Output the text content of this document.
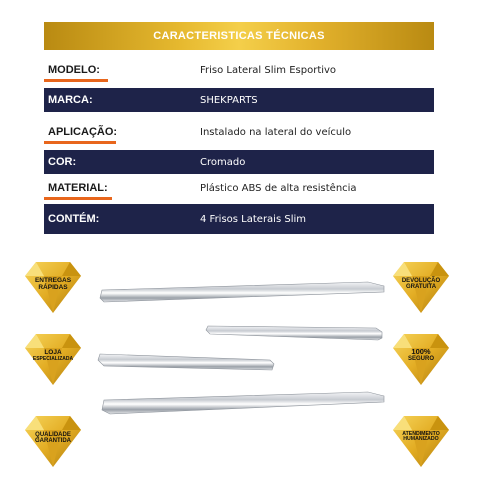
CARACTERISTICAS TÉCNICAS
MODELO:	Friso Lateral Slim Esportivo
MARCA:	SHEKPARTS
APLICAÇÃO:	Instalado na lateral do veículo
COR:	Cromado
MATERIAL:	Plástico ABS de alta resistência
CONTÉM:	4 Frisos Laterais Slim
ENTREGAS
RÁPIDAS
LOJA
ESPECIALIZADA
QUALIDADE
GARANTIDA
DEVOLUÇÃO
GRATUITA
100%
SEGURO
ATENDIMENTO
HUMANIZADO
